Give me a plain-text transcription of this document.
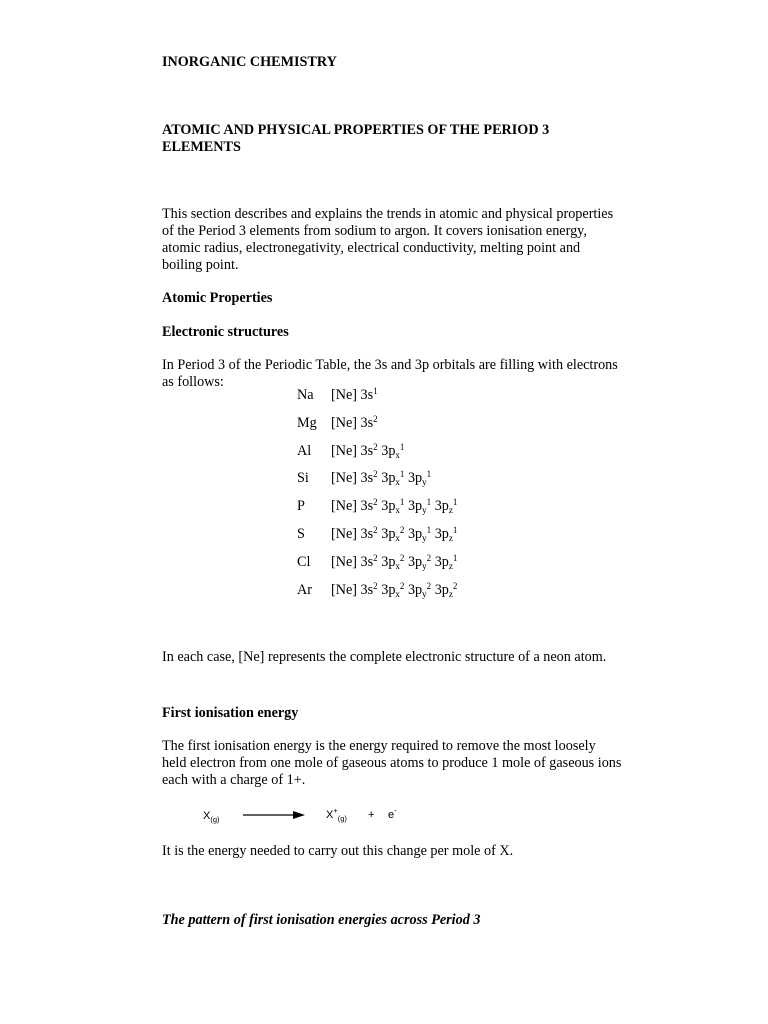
INORGANIC CHEMISTRY

ATOMIC AND PHYSICAL PROPERTIES OF THE PERIOD 3
ELEMENTS

This section describes and explains the trends in atomic and physical properties of the Period 3 elements from sodium to argon. It covers ionisation energy, atomic radius, electronegativity, electrical conductivity, melting point and boiling point.

Atomic Properties

Electronic structures

In Period 3 of the Periodic Table, the 3s and 3p orbitals are filling with electrons as follows:

Na [Ne] $3s^1$
Mg [Ne] $3s^2$
Al [Ne] $3s^2$ $3p_x^1$
Si [Ne] $3s^2$ $3p_x^1$ $3p_y^1$
P [Ne] $3s^2$ $3p_x^1$ $3p_y^1$ $3p_z^1$
S [Ne] $3s^2$ $3p_x^2$ $3p_y^1$ $3p_z^1$
Cl [Ne] $3s^2$ $3p_x^2$ $3p_y^2$ $3p_z^1$
Ar [Ne] $3s^2$ $3p_x^2$ $3p_y^2$ $3p_z^2$

In each case, [Ne] represents the complete electronic structure of a neon atom.

First ionisation energy

The first ionisation energy is the energy required to remove the most loosely held electron from one mole of gaseous atoms to produce 1 mole of gaseous ions each with a charge of 1+.

$X_{(g)}$	$X^+_{(g)} + e^-$

It is the energy needed to carry out this change per mole of X.

The pattern of first ionisation energies across Period 3
